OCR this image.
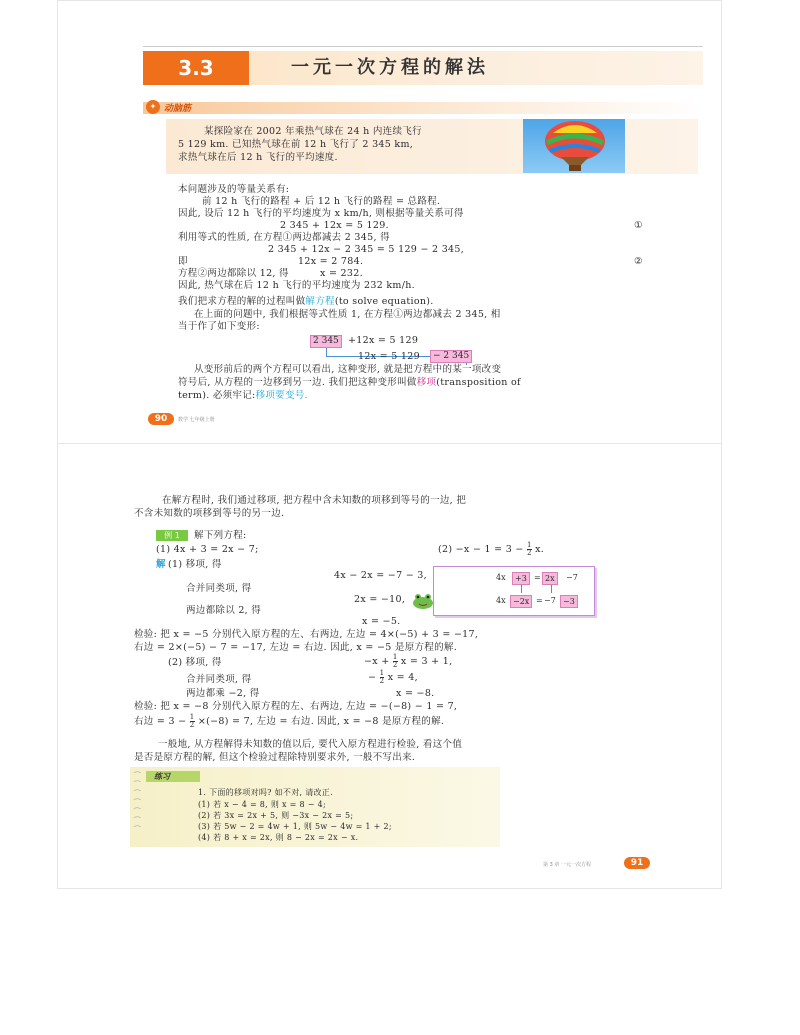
3.3	一元一次方程的解法
✦ 动脑筋
某探险家在 2002 年乘热气球在 24 h 内连续飞行
5 129 km. 已知热气球在前 12 h 飞行了 2 345 km,
求热气球在后 12 h 飞行的平均速度.
本问题涉及的等量关系有:
前 12 h 飞行的路程 + 后 12 h 飞行的路程 = 总路程.
因此, 设后 12 h 飞行的平均速度为 x km/h, 则根据等量关系可得
2 345 + 12x = 5 129.	①
利用等式的性质, 在方程①两边都减去 2 345, 得
2 345 + 12x − 2 345 = 5 129 − 2 345,
即	12x = 2 784.	②
方程②两边都除以 12, 得	x = 232.
因此, 热气球在后 12 h 飞行的平均速度为 232 km/h.
我们把求方程的解的过程叫做解方程(to solve equation).
在上面的问题中, 我们根据等式性质 1, 在方程①两边都减去 2 345, 相
当于作了如下变形:
2 345 +12x = 5 129
12x = 5 129	− 2 345
从变形前后的两个方程可以看出, 这种变形, 就是把方程中的某一项改变
符号后, 从方程的一边移到另一边. 我们把这种变形叫做移项(transposition of
term). 必须牢记:移项要变号.
90	数学 七年级上册
在解方程时, 我们通过移项, 把方程中含未知数的项移到等号的一边, 把
不含未知数的项移到等号的另一边.
例 1	解下列方程:
(1) 4x + 3 = 2x − 7;	$(2) -x - 1 = 3 - \frac{1}{2} x$.
解 (1) 移项, 得
4x − 2x = −7 − 3,
合并同类项, 得
2x = −10,
两边都除以 2, 得
x = −5.
4x	+3 = 2x	−7
4x −2x = −7 −3
检验: 把 x = −5 分别代入原方程的左、右两边, 左边 = 4×(−5) + 3 = −17,
右边 = 2×(−5) − 7 = −17, 左边 = 右边. 因此, x = −5 是原方程的解.
(2) 移项, 得	$-x + \frac{1}{2}$ x = 3 + 1,
合并同类项, 得	− $\frac{1}{2}$ x = 4,
两边都乘 −2, 得	x = −8.
检验: 把 x = −8 分别代入原方程的左、右两边, 左边 = −(−8) − 1 = 7,
右边 = $3 - \frac{1}{2} \times(-8) = 7$, 左边 = 右边. 因此, x = −8 是原方程的解.
一般地, 从方程解得未知数的值以后, 要代入原方程进行检验, 看这个值
是否是原方程的解, 但这个检验过程除特别要求外, 一般不写出来.
⁀
⁀
⁀
⁀
⁀
⁀
⁀
练习
1. 下面的移项对吗? 如不对, 请改正.
(1) 若 x − 4 = 8, 则 x = 8 − 4;
(2) 若 3x = 2x + 5, 则 −3x − 2x = 5;
(3) 若 5w − 2 = 4w + 1, 则 5w − 4w = 1 + 2;
(4) 若 8 + x = 2x, 则 8 − 2x = 2x − x.
第 3 章 一元一次方程	91
